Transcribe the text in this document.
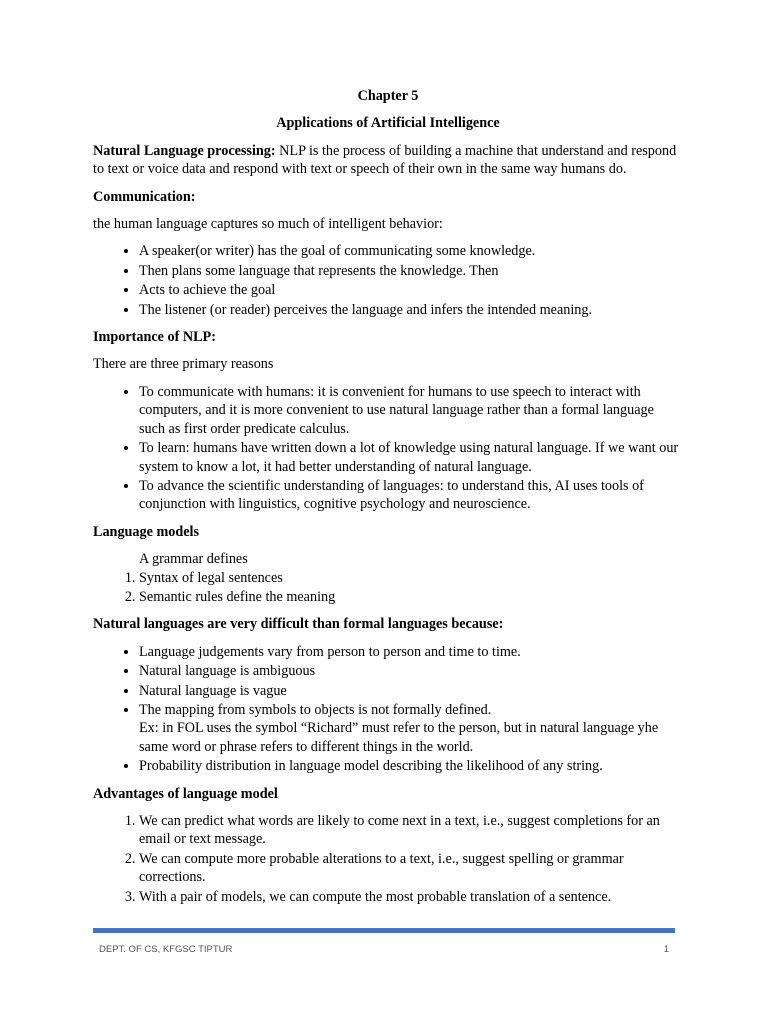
Chapter 5
Applications of Artificial Intelligence

Natural Language processing: NLP is the process of building a machine that understand and respond to text or voice data and respond with text or speech of their own in the same way humans do.

Communication:

the human language captures so much of intelligent behavior:

• A speaker(or writer) has the goal of communicating some knowledge.
• Then plans some language that represents the knowledge. Then
• Acts to achieve the goal
• The listener (or reader) perceives the language and infers the intended meaning.

Importance of NLP:

There are three primary reasons

• To communicate with humans: it is convenient for humans to use speech to interact with computers, and it is more convenient to use natural language rather than a formal language such as first order predicate calculus.
• To learn: humans have written down a lot of knowledge using natural language. If we want our system to know a lot, it had better understanding of natural language.
• To advance the scientific understanding of languages: to understand this, AI uses tools of conjunction with linguistics, cognitive psychology and neuroscience.

Language models

A grammar defines
1. Syntax of legal sentences
2. Semantic rules define the meaning

Natural languages are very difficult than formal languages because:

• Language judgements vary from person to person and time to time.
• Natural language is ambiguous
• Natural language is vague
• The mapping from symbols to objects is not formally defined.
Ex: in FOL uses the symbol “Richard” must refer to the person, but in natural language yhe same word or phrase refers to different things in the world.
• Probability distribution in language model describing the likelihood of any string.

Advantages of language model

1. We can predict what words are likely to come next in a text, i.e., suggest completions for an email or text message.
2. We can compute more probable alterations to a text, i.e., suggest spelling or grammar corrections.
3. With a pair of models, we can compute the most probable translation of a sentence.
DEPT. OF CS, KFGSC TIPTUR	1
